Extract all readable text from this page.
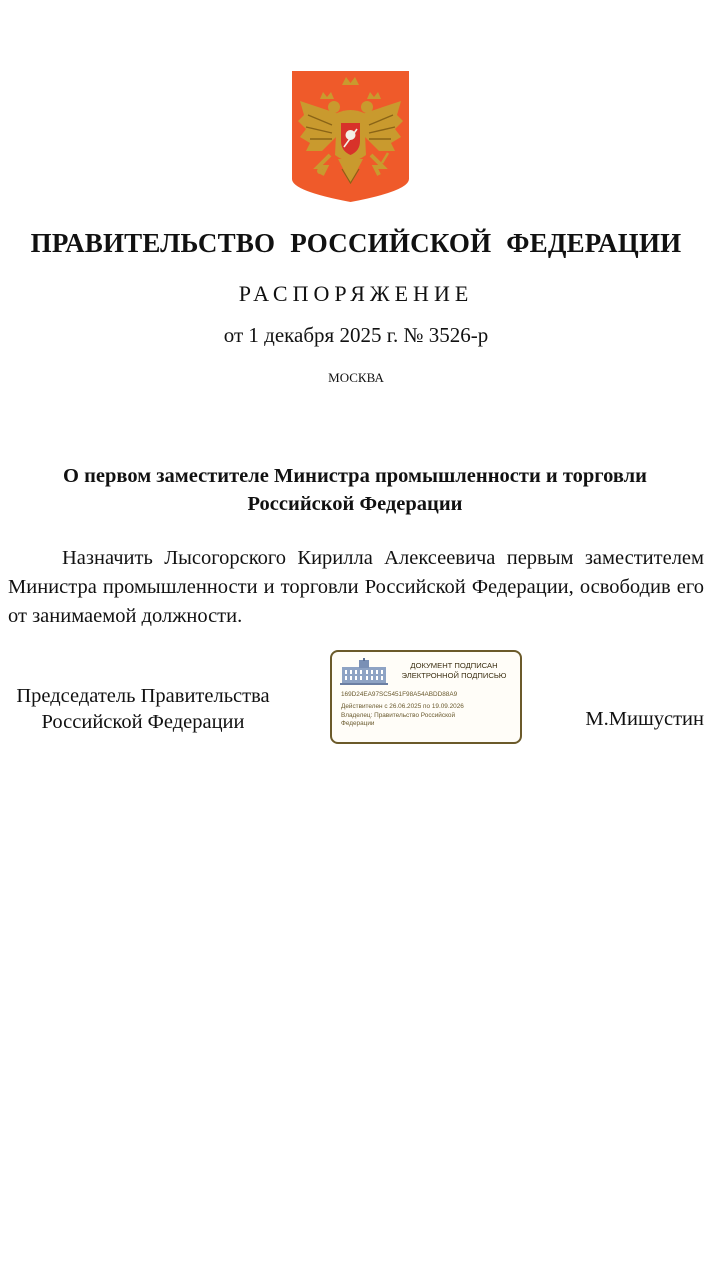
ПРАВИТЕЛЬСТВО РОССИЙСКОЙ ФЕДЕРАЦИИ
РАСПОРЯЖЕНИЕ
от 1 декабря 2025 г. № 3526-р
МОСКВА
О первом заместителе Министра промышленности и торговли Российской Федерации
Назначить Лысогорского Кирилла Алексеевича первым заместителем Министра промышленности и торговли Российской Федерации, освободив его от занимаемой должности.
Председатель Правительства
Российской Федерации
ДОКУМЕНТ ПОДПИСАН
ЭЛЕКТРОННОЙ ПОДПИСЬЮ
169D24EA97SC5451F98A54ABDD88A9
Действителен с 26.06.2025 по 19.09.2026
Владелец: Правительство Российской
Федерации	М.Мишустин
